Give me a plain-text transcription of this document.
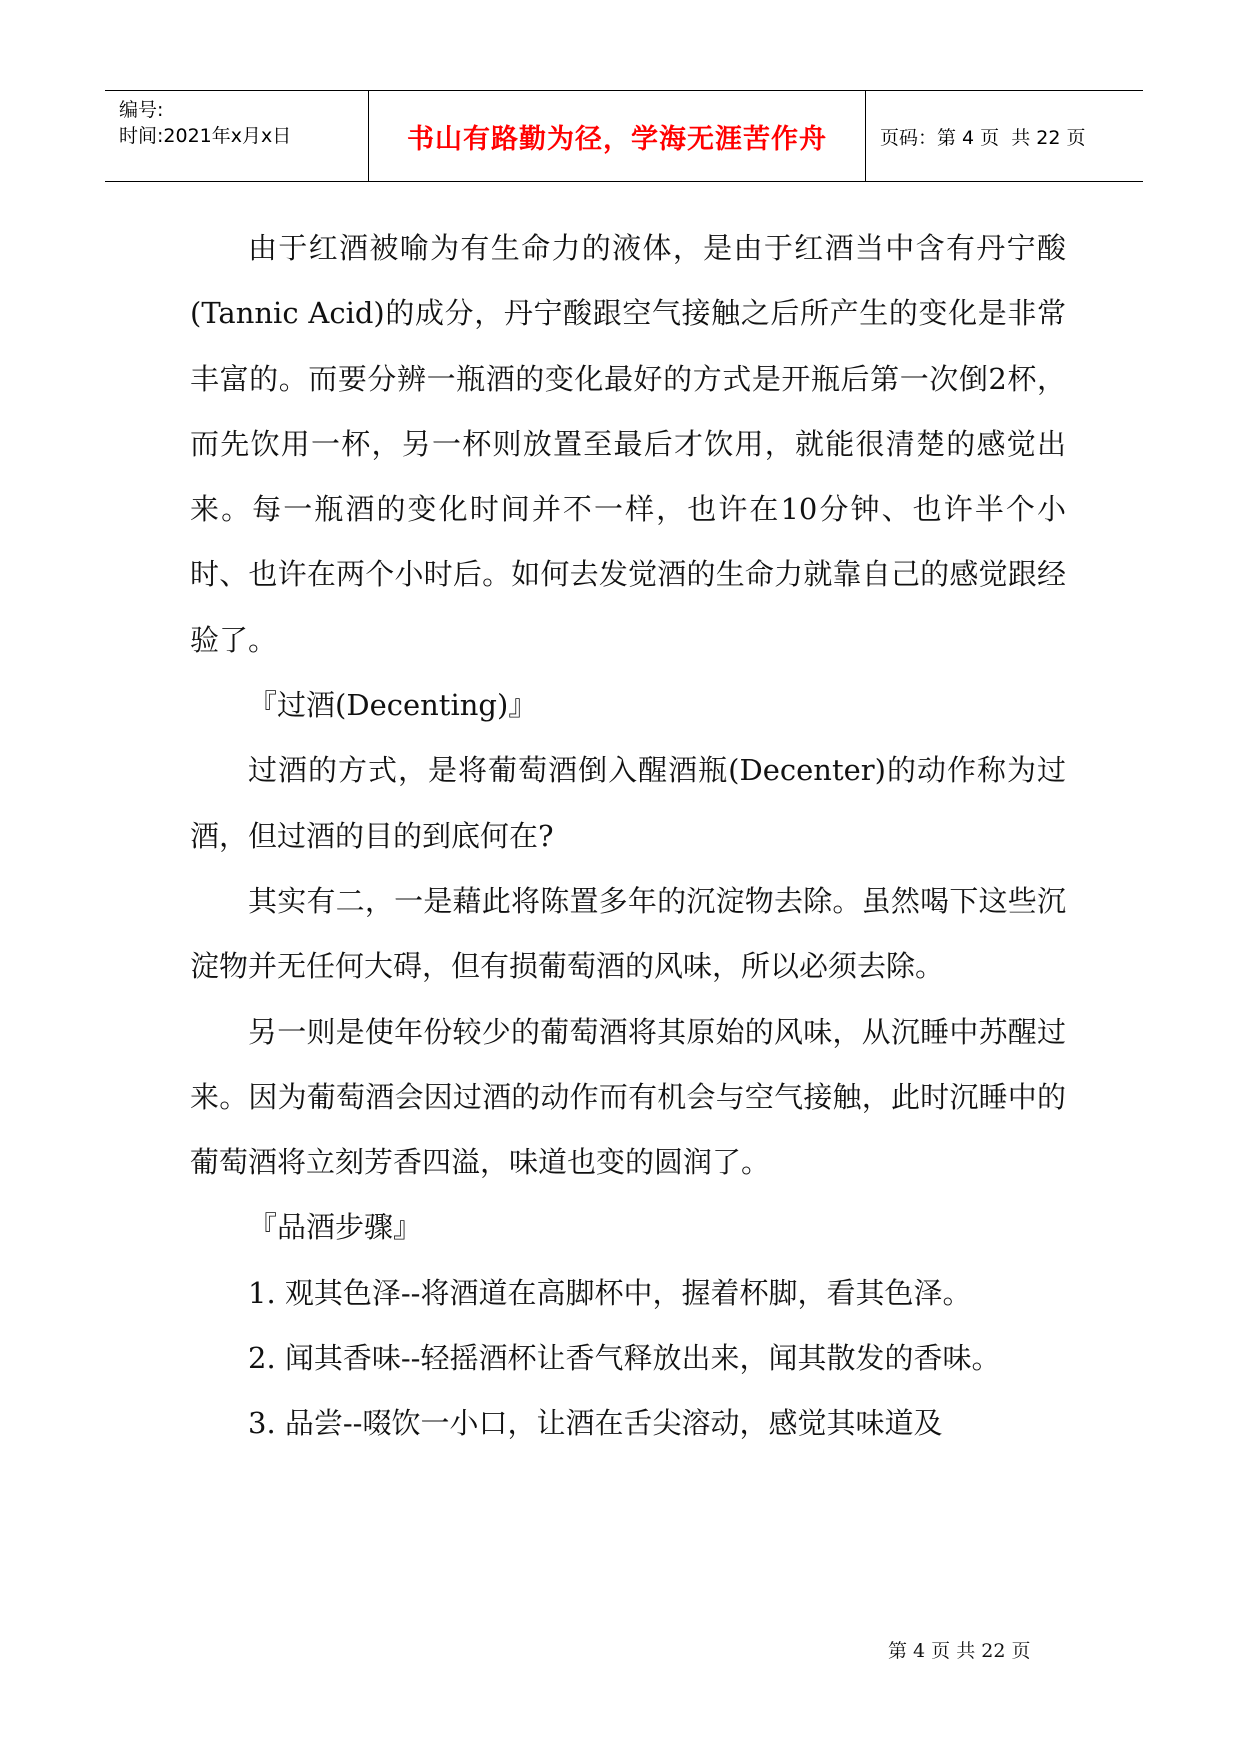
编号:
时间:2021年x月x日	书山有路勤为径，学海无涯苦作舟	页码：第 4 页  共 22 页

由于红酒被喻为有生命力的液体，是由于红酒当中含有丹宁酸(Tannic Acid)的成分，丹宁酸跟空气接触之后所产生的变化是非常丰富的。而要分辨一瓶酒的变化最好的方式是开瓶后第一次倒2杯，而先饮用一杯，另一杯则放置至最后才饮用，就能很清楚的感觉出来。每一瓶酒的变化时间并不一样，也许在10分钟、也许半个小时、也许在两个小时后。如何去发觉酒的生命力就靠自己的感觉跟经验了。

『过酒(Decenting)』

过酒的方式，是将葡萄酒倒入醒酒瓶(Decenter)的动作称为过酒，但过酒的目的到底何在?

其实有二，一是藉此将陈置多年的沉淀物去除。虽然喝下这些沉淀物并无任何大碍，但有损葡萄酒的风味，所以必须去除。

另一则是使年份较少的葡萄酒将其原始的风味，从沉睡中苏醒过来。因为葡萄酒会因过酒的动作而有机会与空气接触，此时沉睡中的葡萄酒将立刻芳香四溢，味道也变的圆润了。

『品酒步骤』

1. 观其色泽--将酒道在高脚杯中，握着杯脚，看其色泽。

2. 闻其香味--轻摇酒杯让香气释放出来，闻其散发的香味。

3. 品尝--啜饮一小口，让酒在舌尖溶动，感觉其味道及

第 4 页 共 22 页
